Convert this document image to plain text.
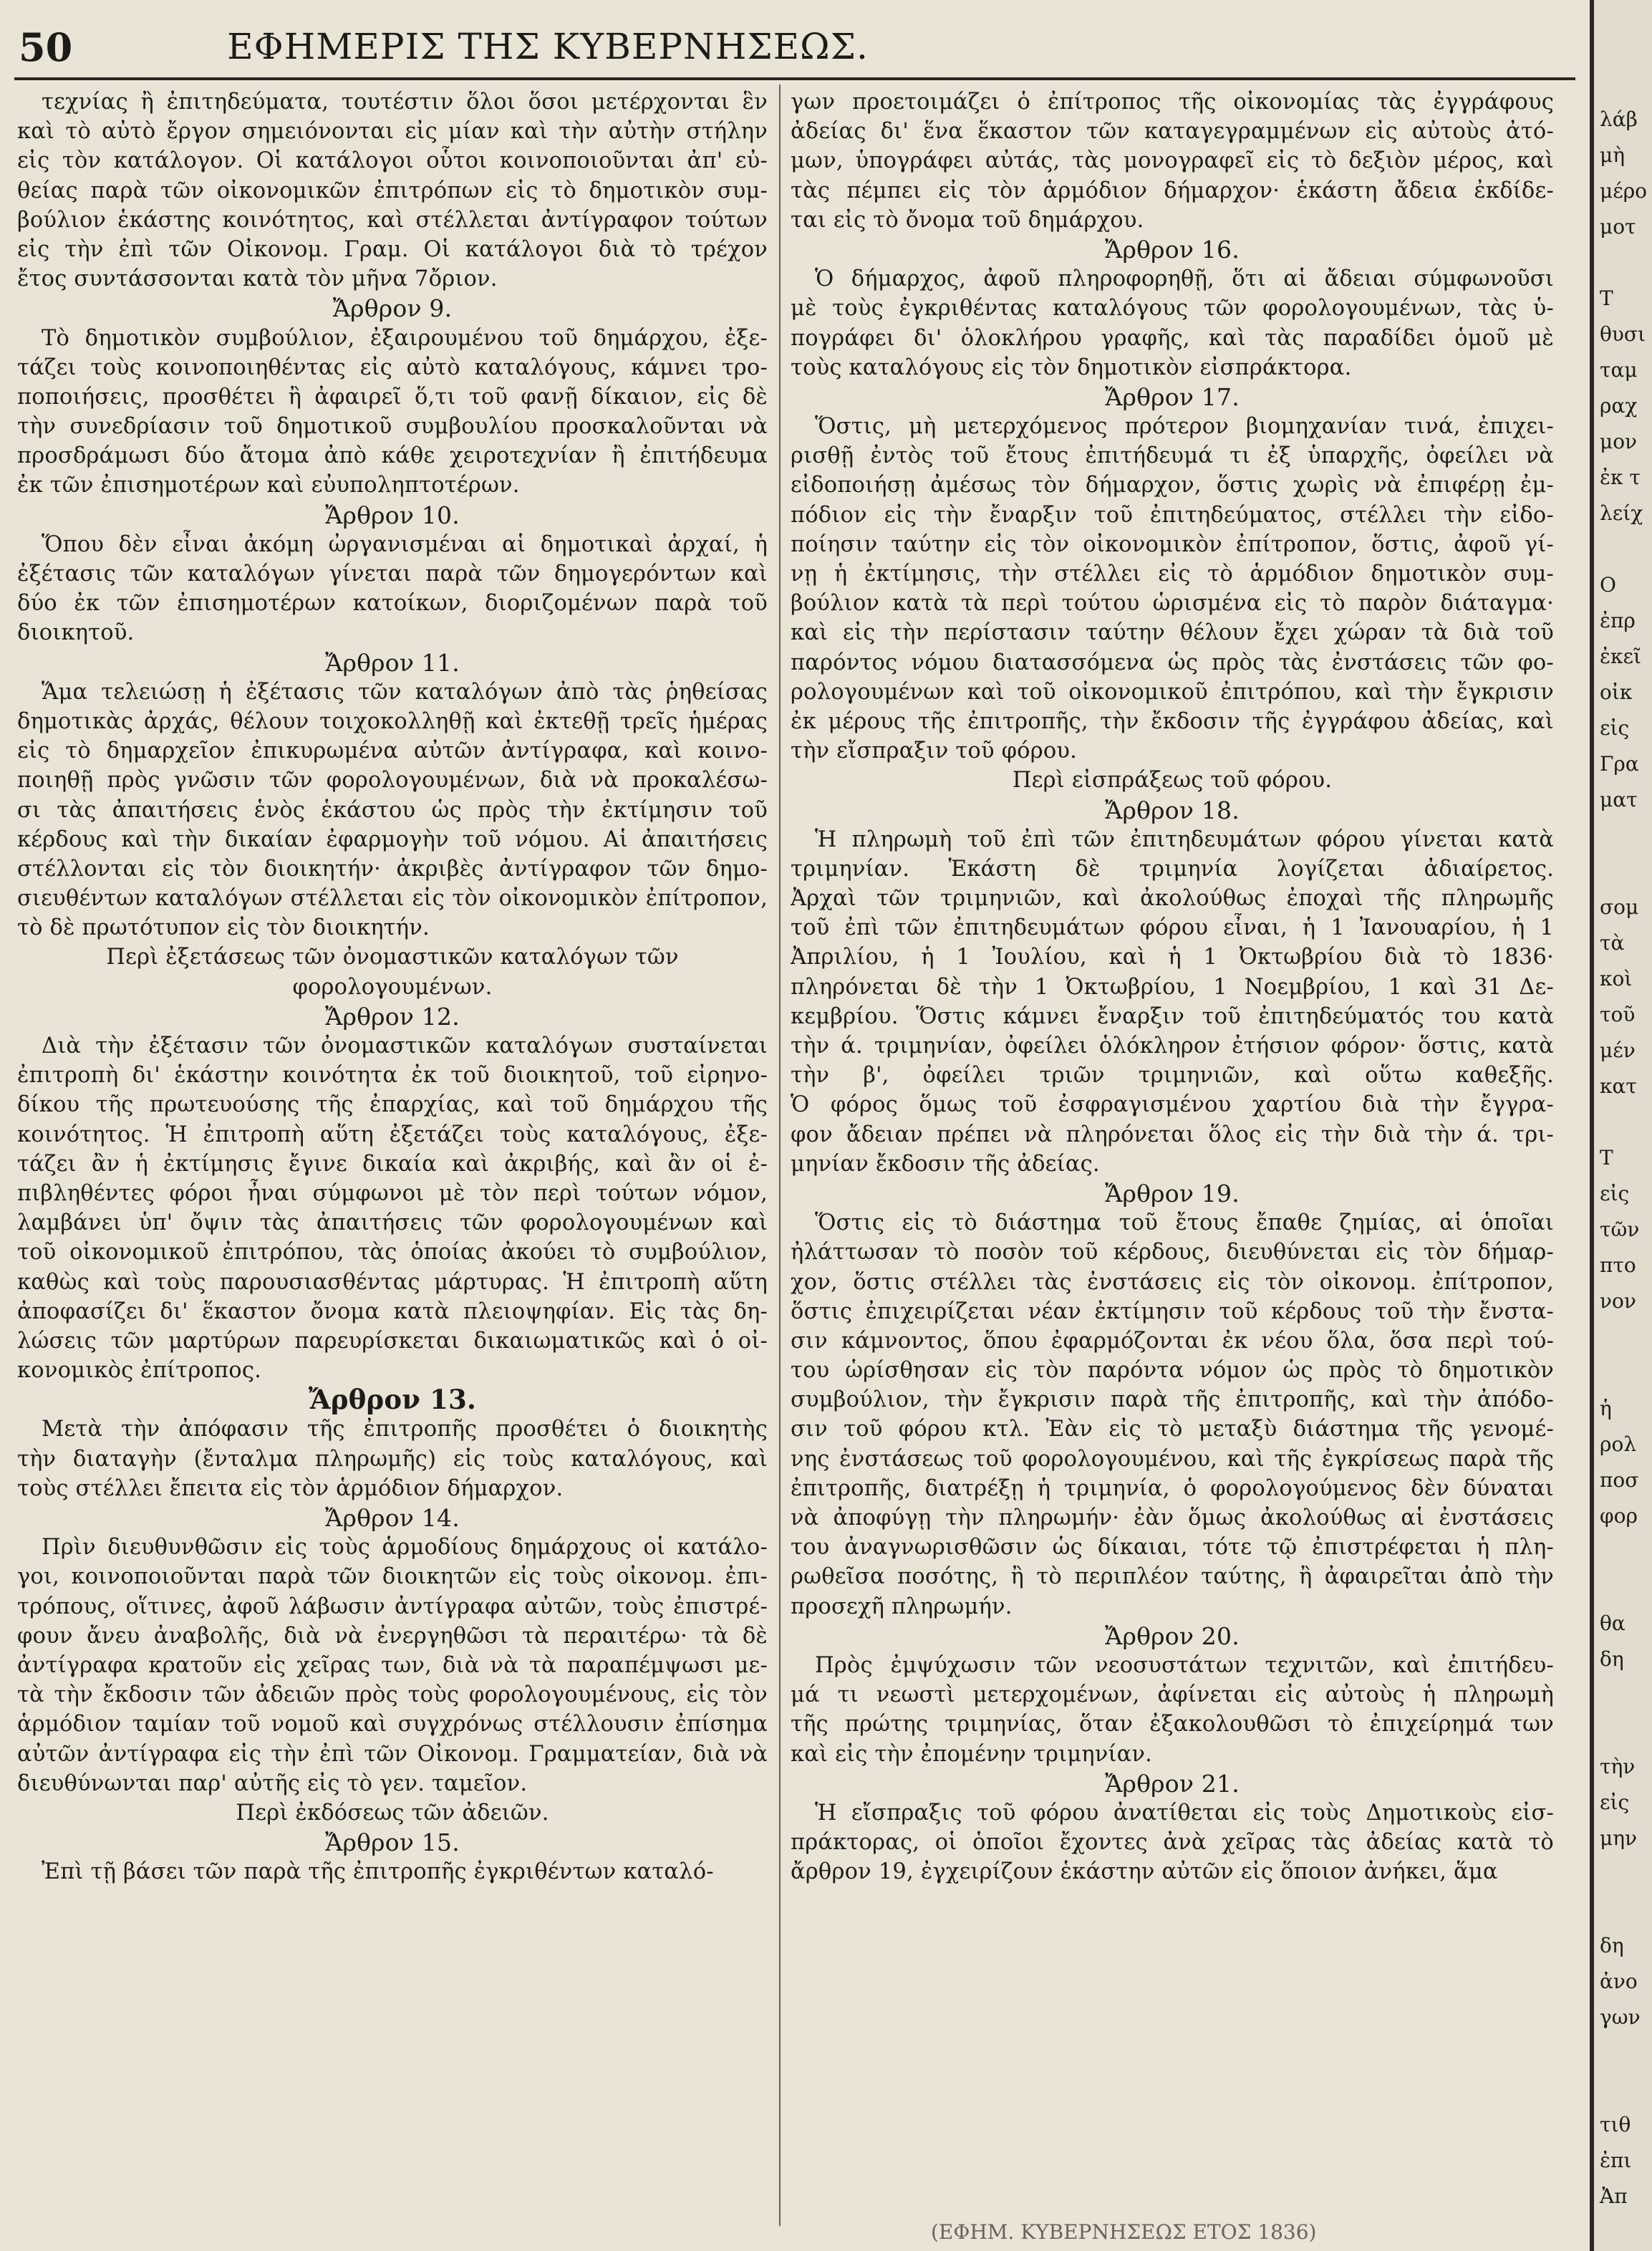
50	ΕΦΗΜΕΡΙΣ ΤΗΣ ΚΥΒΕΡΝΗΣΕΩΣ.
τεχνίας ἢ ἐπιτηδεύματα, τουτέστιν ὅλοι ὅσοι μετέρχονται ἓν
καὶ τὸ αὐτὸ ἔργον σημειόνονται εἰς μίαν καὶ τὴν αὐτὴν στήλην
εἰς τὸν κατάλογον. Οἱ κατάλογοι οὗτοι κοινοποιοῦνται ἀπ' εὐ-
θείας παρὰ τῶν οἰκονομικῶν ἐπιτρόπων εἰς τὸ δημοτικὸν συμ-
βούλιον ἑκάστης κοινότητος, καὶ στέλλεται ἀντίγραφον τούτων
εἰς τὴν ἐπὶ τῶν Οἰκονομ. Γραμ. Οἱ κατάλογοι διὰ τὸ τρέχον
ἔτος συντάσσονται κατὰ τὸν μῆνα 7ὄριον.
Ἄρθρον 9.
Τὸ δημοτικὸν συμβούλιον, ἐξαιρουμένου τοῦ δημάρχου, ἐξε-
τάζει τοὺς κοινοποιηθέντας εἰς αὐτὸ καταλόγους, κάμνει τρο-
ποποιήσεις, προσθέτει ἢ ἀφαιρεῖ ὅ,τι τοῦ φανῇ δίκαιον, εἰς δὲ
τὴν συνεδρίασιν τοῦ δημοτικοῦ συμβουλίου προσκαλοῦνται νὰ
προσδράμωσι δύο ἄτομα ἀπὸ κάθε χειροτεχνίαν ἢ ἐπιτήδευμα
ἐκ τῶν ἐπισημοτέρων καὶ εὐυποληπτοτέρων.
Ἄρθρον 10.
Ὅπου δὲν εἶναι ἀκόμη ὠργανισμέναι αἱ δημοτικαὶ ἀρχαί, ἡ
ἐξέτασις τῶν καταλόγων γίνεται παρὰ τῶν δημογερόντων καὶ
δύο ἐκ τῶν ἐπισημοτέρων κατοίκων, διοριζομένων παρὰ τοῦ
διοικητοῦ.
Ἄρθρον 11.
Ἅμα τελειώσῃ ἡ ἐξέτασις τῶν καταλόγων ἀπὸ τὰς ῥηθείσας
δημοτικὰς ἀρχάς, θέλουν τοιχοκολληθῇ καὶ ἐκτεθῇ τρεῖς ἡμέρας
εἰς τὸ δημαρχεῖον ἐπικυρωμένα αὐτῶν ἀντίγραφα, καὶ κοινο-
ποιηθῇ πρὸς γνῶσιν τῶν φορολογουμένων, διὰ νὰ προκαλέσω-
σι τὰς ἀπαιτήσεις ἑνὸς ἑκάστου ὡς πρὸς τὴν ἐκτίμησιν τοῦ
κέρδους καὶ τὴν δικαίαν ἐφαρμογὴν τοῦ νόμου. Αἱ ἀπαιτήσεις
στέλλονται εἰς τὸν διοικητήν· ἀκριβὲς ἀντίγραφον τῶν δημο-
σιευθέντων καταλόγων στέλλεται εἰς τὸν οἰκονομικὸν ἐπίτροπον,
τὸ δὲ πρωτότυπον εἰς τὸν διοικητήν.
Περὶ ἐξετάσεως τῶν ὀνομαστικῶν καταλόγων τῶν
φορολογουμένων.
Ἄρθρον 12.
Διὰ τὴν ἐξέτασιν τῶν ὀνομαστικῶν καταλόγων συσταίνεται
ἐπιτροπὴ δι' ἑκάστην κοινότητα ἐκ τοῦ διοικητοῦ, τοῦ εἰρηνο-
δίκου τῆς πρωτευούσης τῆς ἐπαρχίας, καὶ τοῦ δημάρχου τῆς
κοινότητος. Ἡ ἐπιτροπὴ αὕτη ἐξετάζει τοὺς καταλόγους, ἐξε-
τάζει ἂν ἡ ἐκτίμησις ἔγινε δικαία καὶ ἀκριβής, καὶ ἂν οἱ ἐ-
πιβληθέντες φόροι ἦναι σύμφωνοι μὲ τὸν περὶ τούτων νόμον,
λαμβάνει ὑπ' ὄψιν τὰς ἀπαιτήσεις τῶν φορολογουμένων καὶ
τοῦ οἰκονομικοῦ ἐπιτρόπου, τὰς ὁποίας ἀκούει τὸ συμβούλιον,
καθὼς καὶ τοὺς παρουσιασθέντας μάρτυρας. Ἡ ἐπιτροπὴ αὕτη
ἀποφασίζει δι' ἕκαστον ὄνομα κατὰ πλειοψηφίαν. Εἰς τὰς δη-
λώσεις τῶν μαρτύρων παρευρίσκεται δικαιωματικῶς καὶ ὁ οἰ-
κονομικὸς ἐπίτροπος.
Ἄρθρον 13.
Μετὰ τὴν ἀπόφασιν τῆς ἐπιτροπῆς προσθέτει ὁ διοικητὴς
τὴν διαταγὴν (ἔνταλμα πληρωμῆς) εἰς τοὺς καταλόγους, καὶ
τοὺς στέλλει ἔπειτα εἰς τὸν ἁρμόδιον δήμαρχον.
Ἄρθρον 14.
Πρὶν διευθυνθῶσιν εἰς τοὺς ἁρμοδίους δημάρχους οἱ κατάλο-
γοι, κοινοποιοῦνται παρὰ τῶν διοικητῶν εἰς τοὺς οἰκονομ. ἐπι-
τρόπους, οἵτινες, ἀφοῦ λάβωσιν ἀντίγραφα αὐτῶν, τοὺς ἐπιστρέ-
φουν ἄνευ ἀναβολῆς, διὰ νὰ ἐνεργηθῶσι τὰ περαιτέρω· τὰ δὲ
ἀντίγραφα κρατοῦν εἰς χεῖρας των, διὰ νὰ τὰ παραπέμψωσι με-
τὰ τὴν ἔκδοσιν τῶν ἀδειῶν πρὸς τοὺς φορολογουμένους, εἰς τὸν
ἁρμόδιον ταμίαν τοῦ νομοῦ καὶ συγχρόνως στέλλουσιν ἐπίσημα
αὐτῶν ἀντίγραφα εἰς τὴν ἐπὶ τῶν Οἰκονομ. Γραμματείαν, διὰ νὰ
διευθύνωνται παρ' αὐτῆς εἰς τὸ γεν. ταμεῖον.
Περὶ ἐκδόσεως τῶν ἀδειῶν.
Ἄρθρον 15.
Ἐπὶ τῇ βάσει τῶν παρὰ τῆς ἐπιτροπῆς ἐγκριθέντων καταλό-
γων προετοιμάζει ὁ ἐπίτροπος τῆς οἰκονομίας τὰς ἐγγράφους
ἀδείας δι' ἕνα ἕκαστον τῶν καταγεγραμμένων εἰς αὐτοὺς ἀτό-
μων, ὑπογράφει αὐτάς, τὰς μονογραφεῖ εἰς τὸ δεξιὸν μέρος, καὶ
τὰς πέμπει εἰς τὸν ἁρμόδιον δήμαρχον· ἑκάστη ἄδεια ἐκδίδε-
ται εἰς τὸ ὄνομα τοῦ δημάρχου.
Ἄρθρον 16.
Ὁ δήμαρχος, ἀφοῦ πληροφορηθῇ, ὅτι αἱ ἄδειαι σύμφωνοῦσι
μὲ τοὺς ἐγκριθέντας καταλόγους τῶν φορολογουμένων, τὰς ὑ-
πογράφει δι' ὁλοκλήρου γραφῆς, καὶ τὰς παραδίδει ὁμοῦ μὲ
τοὺς καταλόγους εἰς τὸν δημοτικὸν εἰσπράκτορα.
Ἄρθρον 17.
Ὅστις, μὴ μετερχόμενος πρότερον βιομηχανίαν τινά, ἐπιχει-
ρισθῇ ἐντὸς τοῦ ἔτους ἐπιτήδευμά τι ἐξ ὑπαρχῆς, ὀφείλει νὰ
εἰδοποιήσῃ ἀμέσως τὸν δήμαρχον, ὅστις χωρὶς νὰ ἐπιφέρῃ ἐμ-
πόδιον εἰς τὴν ἔναρξιν τοῦ ἐπιτηδεύματος, στέλλει τὴν εἰδο-
ποίησιν ταύτην εἰς τὸν οἰκονομικὸν ἐπίτροπον, ὅστις, ἀφοῦ γί-
νῃ ἡ ἐκτίμησις, τὴν στέλλει εἰς τὸ ἁρμόδιον δημοτικὸν συμ-
βούλιον κατὰ τὰ περὶ τούτου ὡρισμένα εἰς τὸ παρὸν διάταγμα·
καὶ εἰς τὴν περίστασιν ταύτην θέλουν ἔχει χώραν τὰ διὰ τοῦ
παρόντος νόμου διατασσόμενα ὡς πρὸς τὰς ἐνστάσεις τῶν φο-
ρολογουμένων καὶ τοῦ οἰκονομικοῦ ἐπιτρόπου, καὶ τὴν ἔγκρισιν
ἐκ μέρους τῆς ἐπιτροπῆς, τὴν ἔκδοσιν τῆς ἐγγράφου ἀδείας, καὶ
τὴν εἴσπραξιν τοῦ φόρου.
Περὶ εἰσπράξεως τοῦ φόρου.
Ἄρθρον 18.
Ἡ πληρωμὴ τοῦ ἐπὶ τῶν ἐπιτηδευμάτων φόρου γίνεται κατὰ
τριμηνίαν. Ἑκάστη δὲ τριμηνία λογίζεται ἀδιαίρετος.
Ἀρχαὶ τῶν τριμηνιῶν, καὶ ἀκολούθως ἐποχαὶ τῆς πληρωμῆς
τοῦ ἐπὶ τῶν ἐπιτηδευμάτων φόρου εἶναι, ἡ 1 Ἰανουαρίου, ἡ 1
Ἀπριλίου, ἡ 1 Ἰουλίου, καὶ ἡ 1 Ὀκτωβρίου διὰ τὸ 1836·
πληρόνεται δὲ τὴν 1 Ὀκτωβρίου, 1 Νοεμβρίου, 1 καὶ 31 Δε-
κεμβρίου. Ὅστις κάμνει ἔναρξιν τοῦ ἐπιτηδεύματός του κατὰ
τὴν ά. τριμηνίαν, ὀφείλει ὁλόκληρον ἐτήσιον φόρον· ὅστις, κατὰ
τὴν β', ὀφείλει τριῶν τριμηνιῶν, καὶ οὕτω καθεξῆς.
Ὁ φόρος ὅμως τοῦ ἐσφραγισμένου χαρτίου διὰ τὴν ἔγγρα-
φον ἄδειαν πρέπει νὰ πληρόνεται ὅλος εἰς τὴν διὰ τὴν ά. τρι-
μηνίαν ἔκδοσιν τῆς ἀδείας.
Ἄρθρον 19.
Ὅστις εἰς τὸ διάστημα τοῦ ἔτους ἔπαθε ζημίας, αἱ ὁποῖαι
ἠλάττωσαν τὸ ποσὸν τοῦ κέρδους, διευθύνεται εἰς τὸν δήμαρ-
χον, ὅστις στέλλει τὰς ἐνστάσεις εἰς τὸν οἰκονομ. ἐπίτροπον,
ὅστις ἐπιχειρίζεται νέαν ἐκτίμησιν τοῦ κέρδους τοῦ τὴν ἔνστα-
σιν κάμνοντος, ὅπου ἐφαρμόζονται ἐκ νέου ὅλα, ὅσα περὶ τού-
του ὡρίσθησαν εἰς τὸν παρόντα νόμον ὡς πρὸς τὸ δημοτικὸν
συμβούλιον, τὴν ἔγκρισιν παρὰ τῆς ἐπιτροπῆς, καὶ τὴν ἀπόδο-
σιν τοῦ φόρου κτλ. Ἐὰν εἰς τὸ μεταξὺ διάστημα τῆς γενομέ-
νης ἐνστάσεως τοῦ φορολογουμένου, καὶ τῆς ἐγκρίσεως παρὰ τῆς
ἐπιτροπῆς, διατρέξῃ ἡ τριμηνία, ὁ φορολογούμενος δὲν δύναται
νὰ ἀποφύγῃ τὴν πληρωμήν· ἐὰν ὅμως ἀκολούθως αἱ ἐνστάσεις
του ἀναγνωρισθῶσιν ὡς δίκαιαι, τότε τῷ ἐπιστρέφεται ἡ πλη-
ρωθεῖσα ποσότης, ἢ τὸ περιπλέον ταύτης, ἢ ἀφαιρεῖται ἀπὸ τὴν
προσεχῆ πληρωμήν.
Ἄρθρον 20.
Πρὸς ἐμψύχωσιν τῶν νεοσυστάτων τεχνιτῶν, καὶ ἐπιτήδευ-
μά τι νεωστὶ μετερχομένων, ἀφίνεται εἰς αὐτοὺς ἡ πληρωμὴ
τῆς πρώτης τριμηνίας, ὅταν ἐξακολουθῶσι τὸ ἐπιχείρημά των
καὶ εἰς τὴν ἐπομένην τριμηνίαν.
Ἄρθρον 21.
Ἡ εἴσπραξις τοῦ φόρου ἀνατίθεται εἰς τοὺς Δημοτικοὺς εἰσ-
πράκτορας, οἱ ὁποῖοι ἔχοντες ἀνὰ χεῖρας τὰς ἀδείας κατὰ τὸ
ἄρθρον 19, ἐγχειρίζουν ἑκάστην αὐτῶν εἰς ὅποιον ἀνήκει, ἅμα
(ΕΦΗΜ. ΚΥΒΕΡΝΗΣΕΩΣ ΕΤΟΣ 1836)
λάβ
μὴ
μέρο
μοτ
Τ
θυσι
ταμ
ραχ
μον
ἐκ τ
λείχ
Ο
ἐπρ
ἐκεῖ
οἰκ
εἰς
Γρα
ματ
σομ
τὰ
κοὶ
τοῦ
μέν
κατ
Τ
εἰς
τῶν
πτο
νον
ἡ
ρολ
ποσ
φορ
θα
δη
τὴν
εἰς
μην
δη
ἀνο
γων
τιθ
ἐπι
Ἀπ
